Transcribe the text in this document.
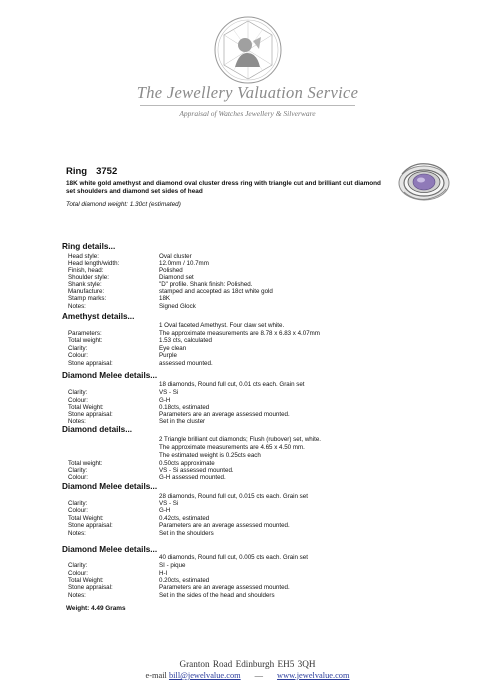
The Jewellery Valuation Service
Appraisal of Watches Jewellery & Silverware
Ring 3752
18K white gold amethyst and diamond oval cluster dress ring with triangle cut and brilliant cut diamond set shoulders and diamond set sides of head
Total diamond weight: 1.30ct (estimated)
Ring details...
Amethyst details...
Diamond Melee details...
Diamond details...
Diamond Melee details...
Diamond Melee details...
Head style:	Oval cluster
Head length/width:	12.0mm / 10.7mm
Finish, head:	Polished
Shoulder style:	Diamond set
Shank style:	"D" profile. Shank finish: Polished.
Manufacture:	stamped and accepted as 18ct white gold
Stamp marks:	18K
Notes:	Signed Glock
1 Oval faceted Amethyst. Four claw set white.
Parameters:	The approximate measurements are 8.78 x 6.83 x 4.07mm
Total weight:	1.53 cts, calculated
Clarity:	Eye clean
Colour:	Purple
Stone appraisal:	assessed mounted.
18 diamonds, Round full cut, 0.01 cts each. Grain set
Clarity:	VS - Si
Colour:	G-H
Total Weight:	0.18cts, estimated
Stone appraisal:	Parameters are an average assessed mounted.
Notes:	Set in the cluster
2 Triangle brilliant cut diamonds; Flush (rubover) set, white.
The approximate measurements are 4.65 x 4.50 mm.
The estimated weight is 0.25cts each
Total weight:	0.50cts approximate
Clarity:	VS - Si assessed mounted.
Colour:	G-H assessed mounted.
28 diamonds, Round full cut, 0.015 cts each. Grain set
Clarity:	VS - Si
Colour:	G-H
Total Weight:	0.42cts, estimated
Stone appraisal:	Parameters are an average assessed mounted.
Notes:	Set in the shoulders
40 diamonds, Round full cut, 0.005 cts each. Grain set
Clarity:	SI - pique
Colour:	H-I
Total Weight:	0.20cts, estimated
Stone appraisal:	Parameters are an average assessed mounted.
Notes:	Set in the sides of the head and shoulders
Weight: 4.49 Grams
Granton Road Edinburgh EH5 3QH
e-mail bill@jewelvalue.com — www.jewelvalue.com
